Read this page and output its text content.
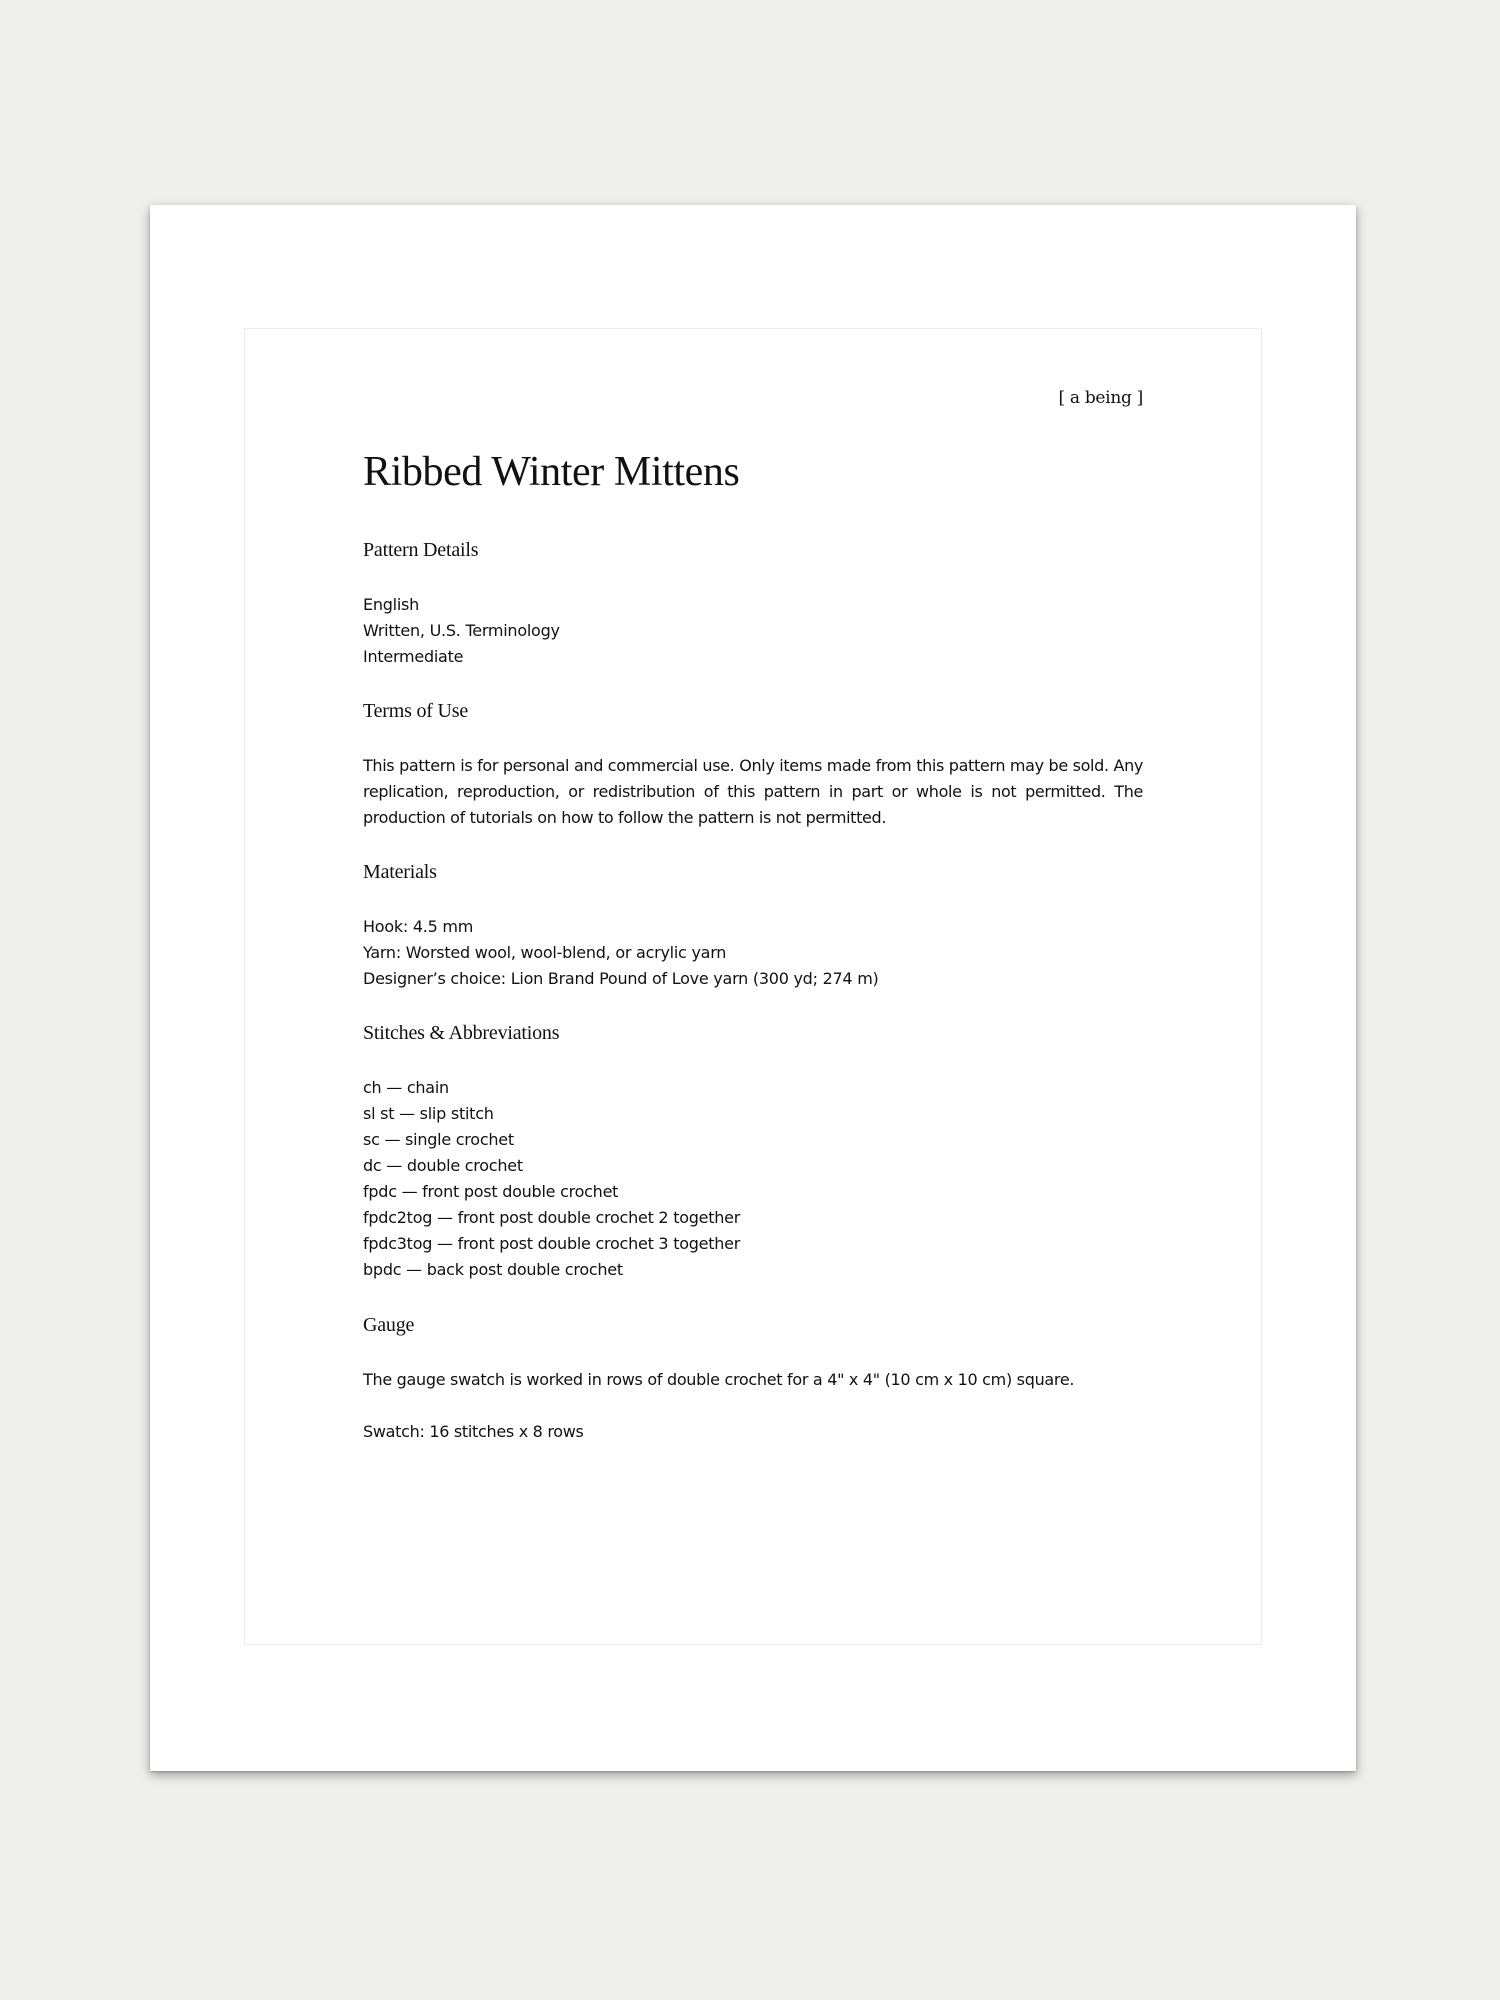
[ a being ]
Ribbed Winter Mittens
Pattern Details
English
Written, U.S. Terminology
Intermediate
Terms of Use

This pattern is for personal and commercial use. Only items made from this pattern may be sold. Any replication, reproduction, or redistribution of this pattern in part or whole is not permitted. The production of tutorials on how to follow the pattern is not permitted.

Materials
Hook: 4.5 mm
Yarn: Worsted wool, wool-blend, or acrylic yarn
Designer’s choice: Lion Brand Pound of Love yarn (300 yd; 274 m)
Stitches & Abbreviations
ch — chain
sl st — slip stitch
sc — single crochet
dc — double crochet
fpdc — front post double crochet
fpdc2tog — front post double crochet 2 together
fpdc3tog — front post double crochet 3 together
bpdc — back post double crochet
Gauge

The gauge swatch is worked in rows of double crochet for a 4" x 4" (10 cm x 10 cm) square.

Swatch: 16 stitches x 8 rows
